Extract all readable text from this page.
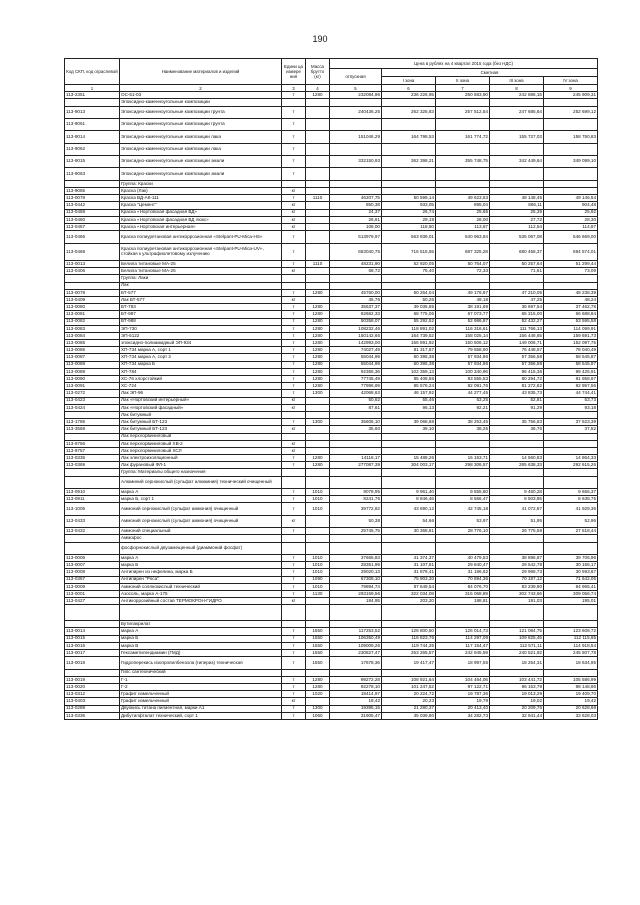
190
Код СКП, код ограслевой	Наименование материалов и изделий	Едини ца измере ния	Масса брутто (кг)	Цена в рублях на 4 квартал 2015 года (без НДС)				
				отпускная	Сметная			
					I зона	II зона	III зона	IV зона
1	2	3	4	5	6	7	8	9
113-2351	ОС-51-03	т	1280	232084,96	236 226,95	250 683,90	242 886,15	245 909,31
	Эпоксидно-каменноугольные композиции							
113-9013	Эпоксидно-каменноугольные композиции грунта	т		240436,25	262 325,83	257 512,54	247 685,64	252 699,12
113-9061	Эпоксидно-каменноугольные композиции грунта	т						
113-9014	Эпоксидно-каменноугольные композиции лака	т		151046,29	164 798,53	161 774,72	155 727,03	158 750,83
113-9062	Эпоксидно-каменноугольные композиции лака	т						
113-9015	Эпоксидно-каменноугольные композиции эмали	т		332150,93	362 398,21	355 748,75	342 449,64	349 099,10
113-9063	Эпоксидно-каменноугольные композиции эмали	т						
	Группа: Краски							
113-9065	Краска (Лак)	кг						
113-0078	Краска ВД-АК-111	т	1110	46207,75	50 599,14	49 623,63	48 148,45	49 146,54
113-0442	Краска "Цемент"	кг		850,38	933,05	895,04	866,11	904,48
113-0459	Краска «Нортовская фасадная ВД»	кг		24,37	26,74	25,65	25,39	25,92
113-0460	Краска «Нортовская фасадная ВД люкс»	кг		26,61	29,19	28,00	27,72	28,30
113-0467	Краска «Нортовская интерьерная»	кг		108,00	118,50	113,67	112,54	114,87
113-0466	Краска полиуретановая антикоррозионная «Stelpant-PU-Mica-HS»	т		513979,97	563 939,01	540 963,84	535 067,08	546 669,00
113-0468	Краска полиуретановая антикоррозионная «Stelpant-PU-Mica-UV», стойкая к ультрафиолетовому излучению	т		653040,75	716 515,55	687 325,28	680 458,37	694 574,01
113-0013	Белила титановые МА-25	т	1110	48231,90	52 920,05	50 764,07	50 257,64	51 299,44
113-0406	Белила титановые МА-25	кг		68,72	75,40	72,33	71,61	73,09
	Группа: Лаки							
	Лак							
113-0079	БТ-577	т	1280	45760,00	50 264,04	49 176,67	47 210,05	48 238,39
113-0409	Лак БТ-577	кг		45,76	50,26	49,18	47,25	48,24
113-0080	БТ-783	т	1280	35537,37	39 035,85	38 191,69	36 697,54	37 462,78
113-0081	БТ-987	т	1280	62662,33	68 775,06	67 073,77	65 315,00	66 688,84
113-0082	БТ-988	т	1280	50358,07	55 292,52	52 986,87	52 432,27	53 595,58
113-0083	ЭП-730	т	1280	108232,46	118 891,02	116 316,61	111 766,13	114 099,91
113-0084	ЭП-5122	т	1280	150142,65	164 739,52	158 025,14	156 448,65	159 691,73
113-0085	эпоксидно-полиамидный ЭП-934	т	1280	142993,00	156 891,92	150 506,12	149 006,71	152 097,75
113-0086	ХП-734 марка А, сорт 1	т	1280	74027,49	81 317,67	79 558,90	76 448,57	78 040,49
113-0087	ХП-734 марка А, сорт 2	т	1280	55044,99	60 395,38	57 934,86	57 356,58	58 545,87
113-0088	ХП-734 марка Б	т	1280	55044,99	60 395,38	57 934,86	57 356,58	58 545,87
113-0089	ХП-784	т	1280	92365,36	102 359,13	100 340,96	96 415,36	98 425,91
113-0090	ХС-76 хлорстойкий	т	1280	77745,49	85 408,58	83 555,53	80 294,72	81 958,67
113-0091	ХС-724	т	1280	77996,99	85 576,24	82 091,76	81 272,82	82 957,56
113-0272	Лак ЭП-96	т	1300	42068,63	46 157,92	44 277,45	43 835,73	44 744,41
113-0423	Лак «Нортовский интерьерный»	кг		50,62	55,46	53,25	52,81	53,73
113-0424	Лак «Нортовский фасадный»	кг		87,61	96,13	92,21	91,29	93,18
	Лак битумный							
113-1786	Лак битумный БТ-123	т	1300	35606,10	39 068,68	38 253,45	35 756,83	37 523,39
113-3568	Лак битумный БТ-123	кг		35,60	39,10	38,25	36,76	37,52
	Лак перхлорвиниловый							
113-9756	Лак перхлорвиниловый ХВ-2	кг						
113-9757	Лак перхлорвиниловый ХСЛ	кг						
113-0335	Лак электроизоляционный	т	1280	14116,17	15 488,26	15 153,71	14 560,83	14 864,33
113-0369	Лак фурановый ФЛ-1	т	1280	277087,39	304 003,17	298 306,57	285 638,33	292 615,26
	Группа: Материалы общего назначения							
	Алюминий сернокислый (сульфат алюминия) технический очищенный							
113-0910	марка А	т	1010	9078,95	9 961,40	9 555,60	9 460,28	9 656,37
113-0911	марка Б, сорт 1	т	1010	8241,76	8 846,46	8 566,47	8 503,85	8 638,75
113-1005	Аммоний сернокислый (сульфат аммония) очищенный	т	1010	39772,82	43 690,12	42 745,18	41 072,87	41 929,36
113-0433	Аммоний сернокислый (сульфат аммония) очищенный	кг		50,38	54,66	53,97	51,95	52,96
113-0432	Аммоний специальный	т		25745,75	30 368,81	28 776,10	26 775,58	27 518,44
	Аммофос							
	фосфорнокислый двузамещенный (диаммоний фосфат)							
113-0006	марка А	т	1010	37665,83	41 374,37	40 479,53	38 896,87	39 706,96
113-0007	марка Б	т	1010	28351,99	31 107,61	29 840,47	29 542,78	30 155,17
113-0008	Антипирен из нефелина, марка Б	т	1010	29020,13	31 878,41	31 186,62	29 968,73	30 593,67
113-0367	Антипирен "Роса"	т	1090	67308,10	75 903,30	70 894,36	70 187,12	71 642,05
113-0009	Аммоний солянокислый технический	т	1010	79894,74	87 649,54	84 076,70	83 239,90	84 965,41
113-0001	Азосоль, марка А-175	т	1130	293159,56	322 034,08	315 068,89	302 743,66	309 056,74
113-0427	Антикоррозийный состав ТЕРМОКРОН-ГИДРО	кг		184,95	203,20	198,81	191,03	195,01

	Бутилакрилат							
113-0014	марка А	т	1550	117253,52	128 800,50	126 014,73	121 084,75	123 608,72
113-0015	марка Б	т	1550	106350,49	116 823,76	114 297,09	109 825,45	112 115,65
113-0016	марка В	т	1550	109009,26	119 744,35	117 154,47	112 571,11	114 918,54
113-0017	Гексаметилендиамин (ГМД)	т	1550	230827,47	253 265,57	242 945,59	240 521,92	245 507,78
113-0018	Гидроперекись изопропилбензола (гипериз) техническая	т	1550	17678,36	19 417,47	18 997,55	18 254,31	18 634,95
	Гипс сантехнический							
113-0019	Г-1	т	1280	99272,28	108 921,64	104 484,06	103 441,72	105 586,99
113-0020	Г-2	т	1280	92278,10	101 247,52	97 122,71	96 153,79	98 148,86
113-0312	Графит измельченный	т	1020	18414,97	20 224,72	19 787,36	19 013,29	19 409,70
113-0403	Графит измельченный	кг		18,42	20,23	19,79	19,02	19,42
113-0289	Двуокись титана пигментная, марки А1	т	1300	19395,15	21 280,37	20 413,40	20 209,76	20 628,68
113-0336	Дибутилфталат технический, сорт 1	т	1060	31905,47	35 039,80	34 282,73	32 941,44	33 628,03
